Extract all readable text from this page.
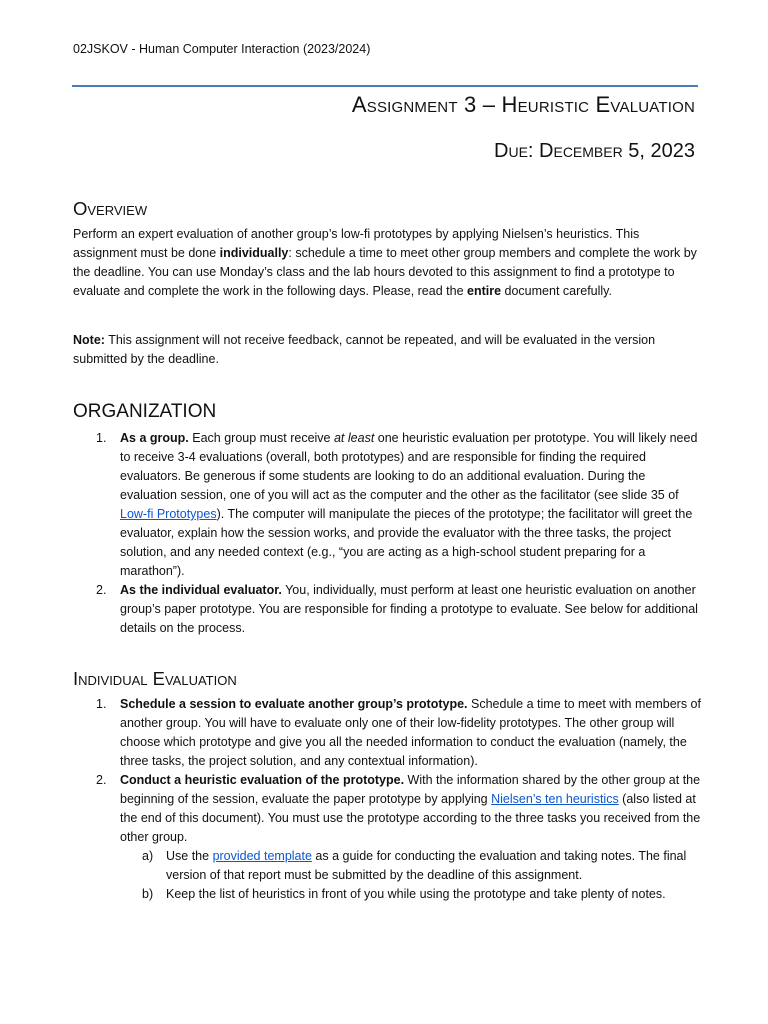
02JSKOV - Human Computer Interaction (2023/2024)
Assignment 3 – Heuristic Evaluation
Due: December 5, 2023
Overview

Perform an expert evaluation of another group’s low-fi prototypes by applying Nielsen’s heuristics. This assignment must be done individually: schedule a time to meet other group members and complete the work by the deadline. You can use Monday’s class and the lab hours devoted to this assignment to find a prototype to evaluate and complete the work in the following days. Please, read the entire document carefully.

Note: This assignment will not receive feedback, cannot be repeated, and will be evaluated in the version submitted by the deadline.

ORGANIZATION
1. As a group. Each group must receive at least one heuristic evaluation per prototype. You will likely need to receive 3-4 evaluations (overall, both prototypes) and are responsible for finding the required evaluators. Be generous if some students are looking to do an additional evaluation. During the evaluation session, one of you will act as the computer and the other as the facilitator (see slide 35 of Low-fi Prototypes). The computer will manipulate the pieces of the prototype; the facilitator will greet the evaluator, explain how the session works, and provide the evaluator with the three tasks, the project solution, and any needed context (e.g., “you are acting as a high-school student preparing for a marathon”).
2. As the individual evaluator. You, individually, must perform at least one heuristic evaluation on another group’s paper prototype. You are responsible for finding a prototype to evaluate. See below for additional details on the process.
Individual Evaluation
1. Schedule a session to evaluate another group’s prototype. Schedule a time to meet with members of another group. You will have to evaluate only one of their low-fidelity prototypes. The other group will choose which prototype and give you all the needed information to conduct the evaluation (namely, the three tasks, the project solution, and any contextual information).
2. Conduct a heuristic evaluation of the prototype. With the information shared by the other group at the beginning of the session, evaluate the paper prototype by applying Nielsen’s ten heuristics (also listed at the end of this document). You must use the prototype according to the three tasks you received from the other group.
a) Use the provided template as a guide for conducting the evaluation and taking notes. The final version of that report must be submitted by the deadline of this assignment.
b) Keep the list of heuristics in front of you while using the prototype and take plenty of notes.
